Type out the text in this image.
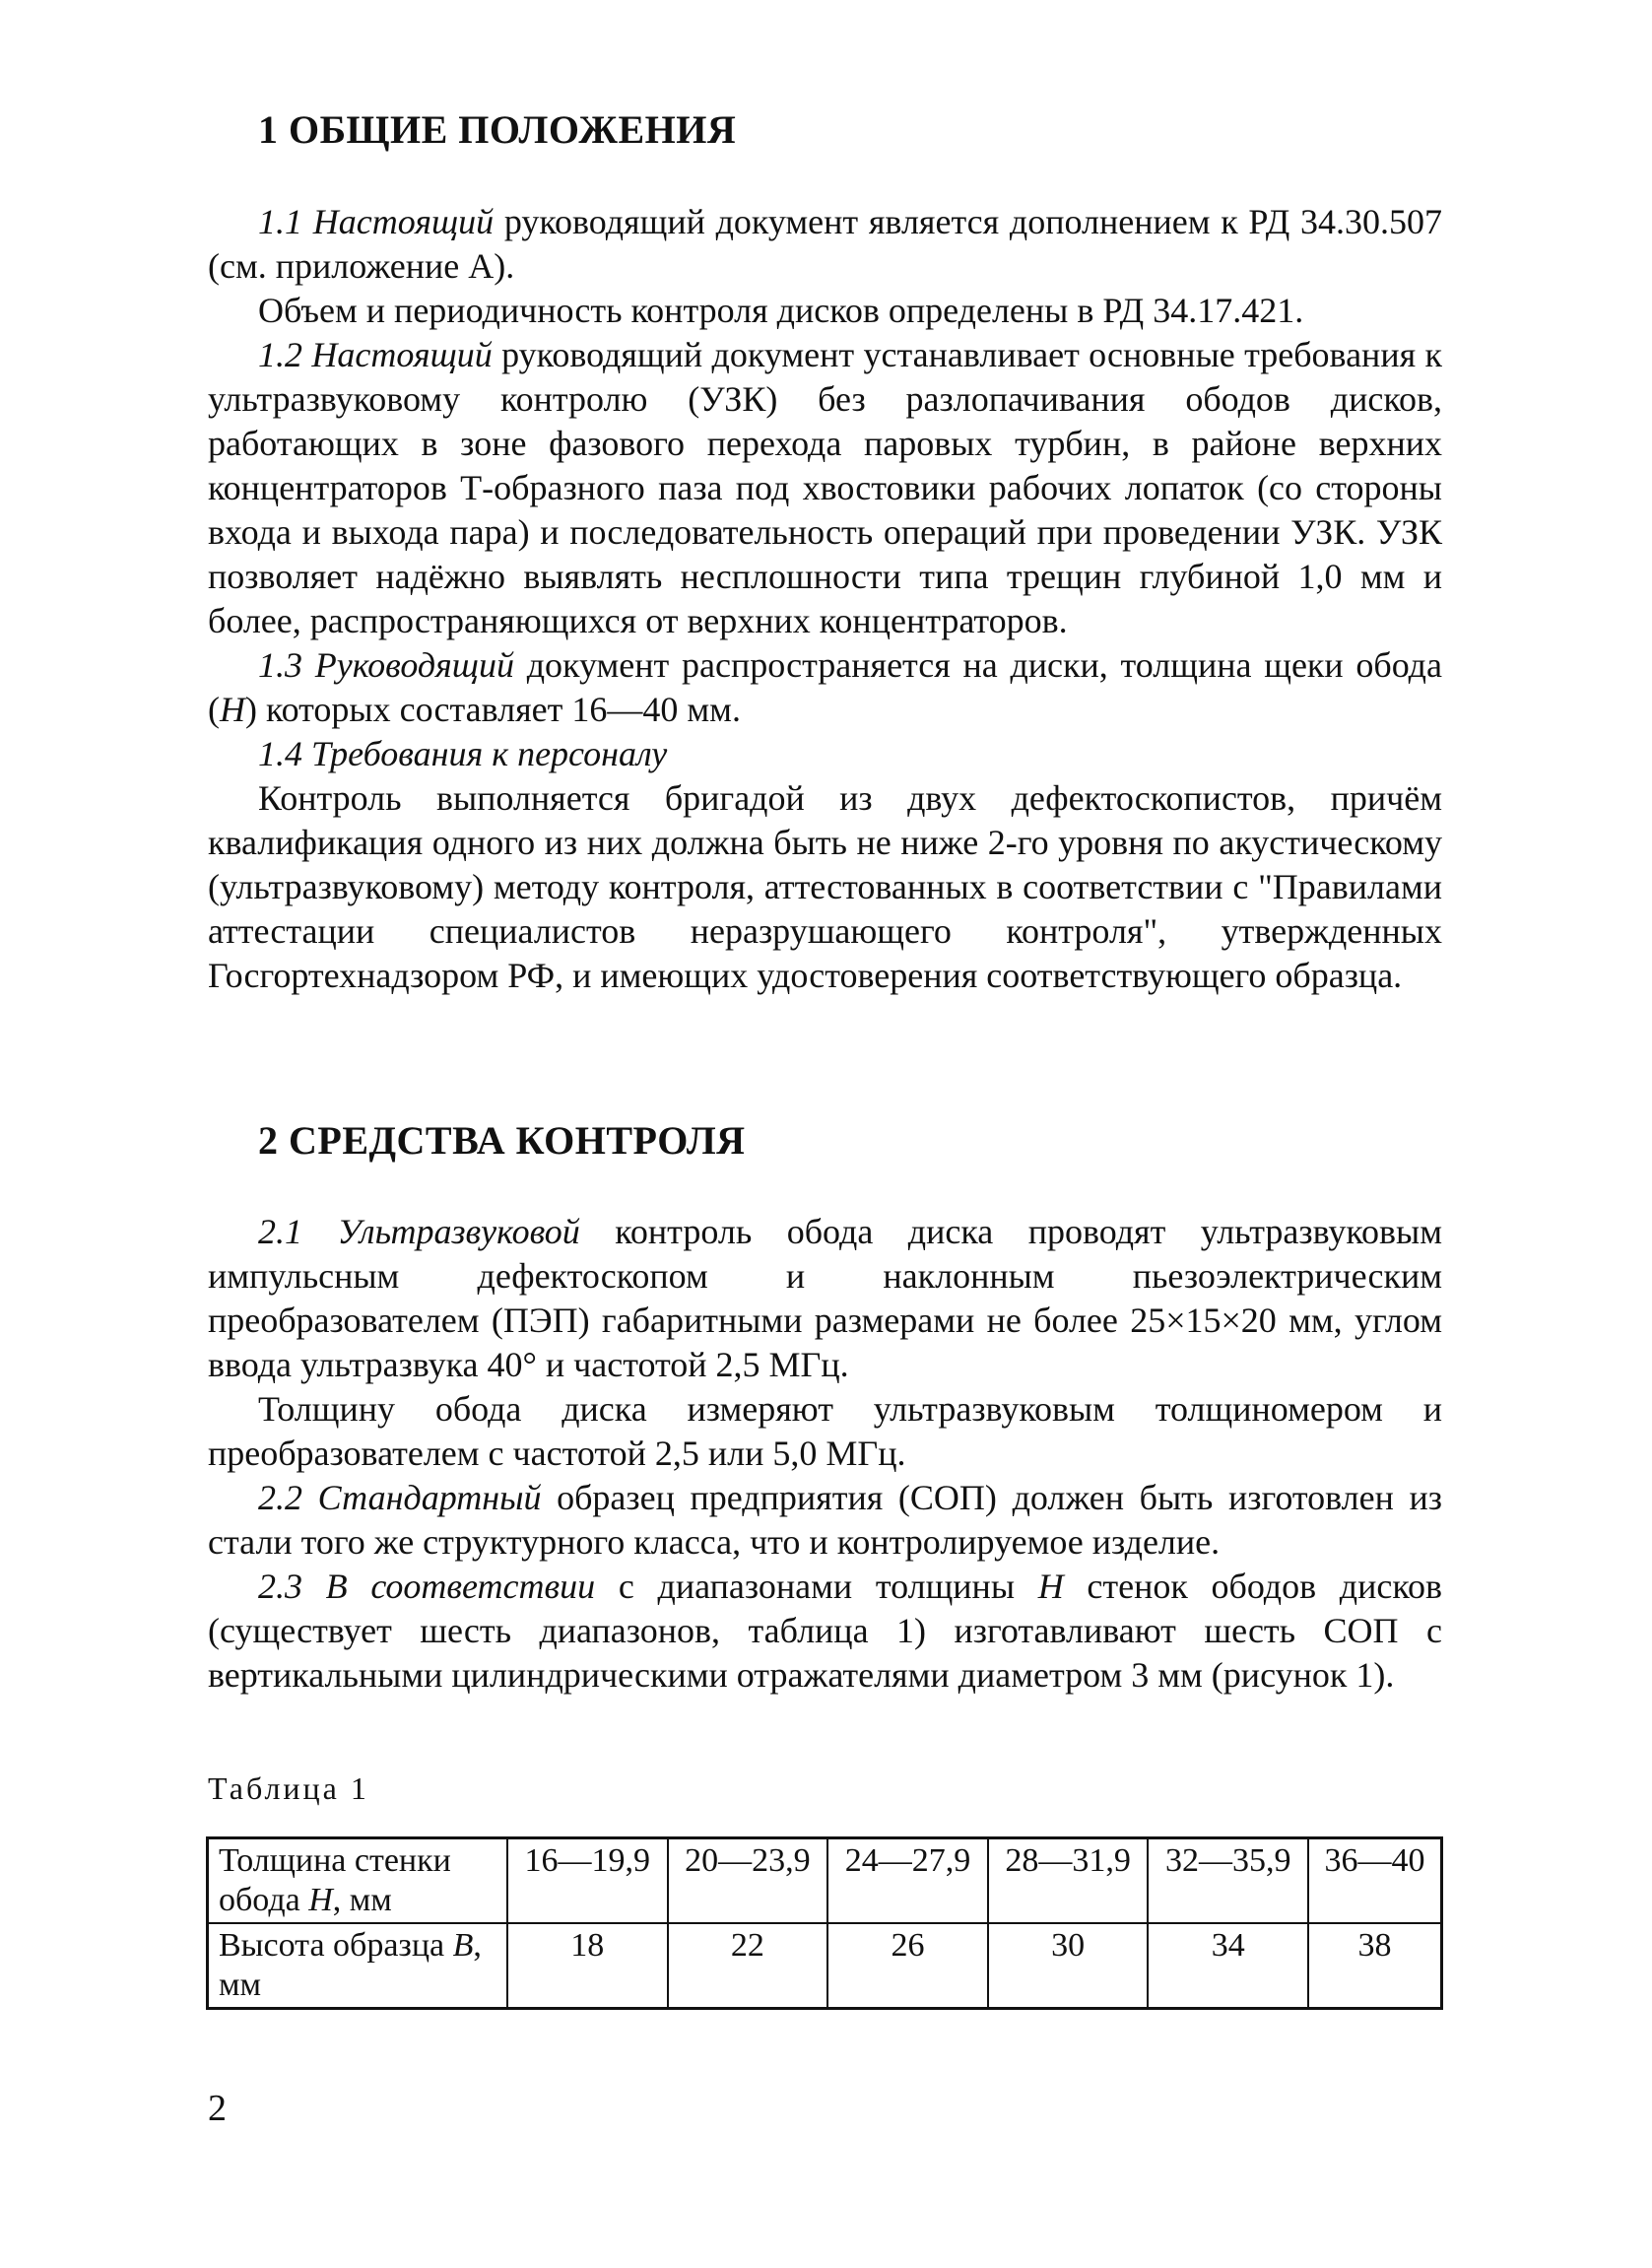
1 ОБЩИЕ ПОЛОЖЕНИЯ

1.1 Настоящий руководящий документ является дополнением к РД 34.30.507 (см. приложение А).

Объем и периодичность контроля дисков определены в РД 34.17.421.

1.2 Настоящий руководящий документ устанавливает основные требования к ультразвуковому контролю (УЗК) без разлопачивания ободов дисков, работающих в зоне фазового перехода паровых турбин, в районе верхних концентраторов Т-образного паза под хвостовики рабочих лопаток (со стороны входа и выхода пара) и последовательность операций при проведении УЗК. УЗК позволяет надёжно выявлять несплошности типа трещин глубиной 1,0 мм и более, распространяющихся от верхних концентраторов.

1.3 Руководящий документ распространяется на диски, толщина щеки обода (H) которых составляет 16—40 мм.

1.4 Требования к персоналу

Контроль выполняется бригадой из двух дефектоскопистов, причём квалификация одного из них должна быть не ниже 2-го уровня по акустическому (ультразвуковому) методу контроля, аттестованных в соответствии с "Правилами аттестации специалистов неразрушающего контроля", утвержденных Госгортехнадзором РФ, и имеющих удостоверения соответствующего образца.

2 СРЕДСТВА КОНТРОЛЯ

2.1 Ультразвуковой контроль обода диска проводят ультразвуковым импульсным дефектоскопом и наклонным пьезоэлектрическим преобразователем (ПЭП) габаритными размерами не более 25×15×20 мм, углом ввода ультразвука 40° и частотой 2,5 МГц.

Толщину обода диска измеряют ультразвуковым толщиномером и преобразователем с частотой 2,5 или 5,0 МГц.

2.2 Стандартный образец предприятия (СОП) должен быть изготовлен из стали того же структурного класса, что и контролируемое изделие.

2.3 В соответствии с диапазонами толщины H стенок ободов дисков (существует шесть диапазонов, таблица 1) изготавливают шесть СОП с вертикальными цилиндрическими отражателями диаметром 3 мм (рисунок 1).

Таблица 1
Толщина стенки обода H, мм	16—19,9	20—23,9	24—27,9	28—31,9	32—35,9	36—40
Высота образца B, мм	18	22	26	30	34	38
2
